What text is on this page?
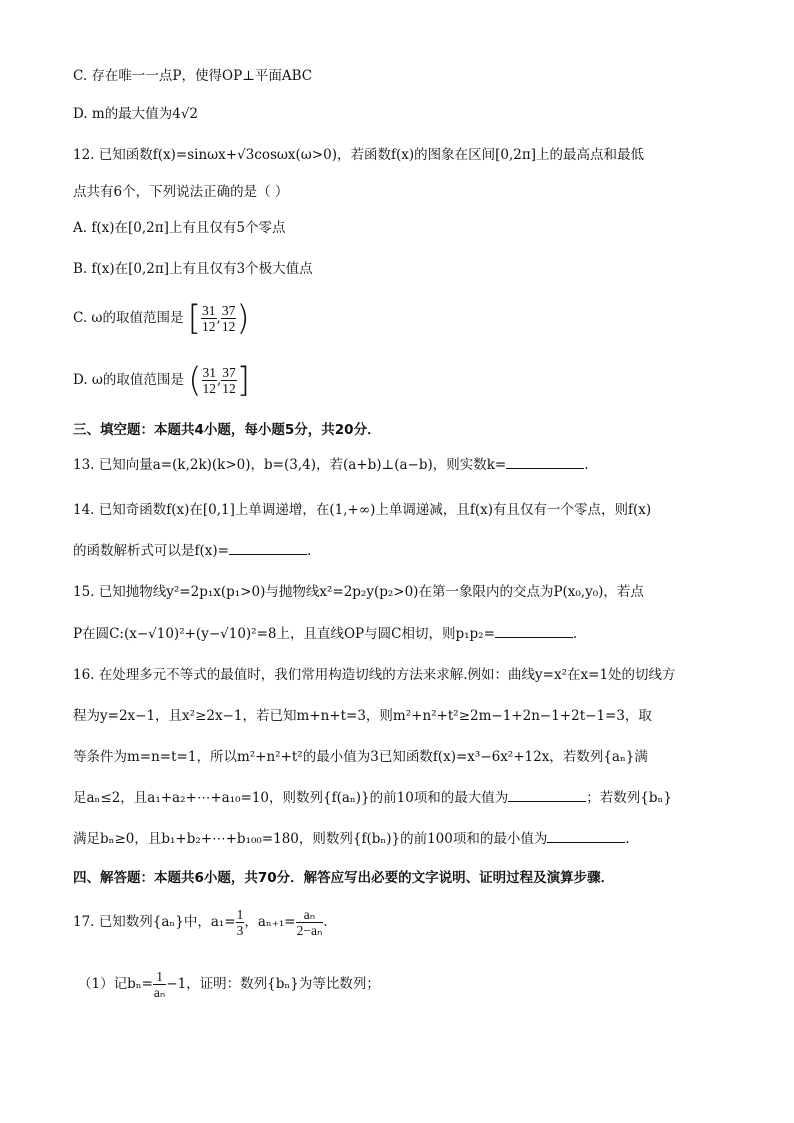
C. 存在唯一一点P，使得OP⊥平面ABC
D. m的最大值为4√2
12. 已知函数f(x)=sinωx+√3cosωx(ω>0)，若函数f(x)的图象在区间[0,2π]上的最高点和最低
点共有6个，下列说法正确的是（ ）
A. f(x)在[0,2π]上有且仅有5个零点
B. f(x)在[0,2π]上有且仅有3个极大值点
C. ω的取值范围是 [ $\frac{31}{12}$ , $\frac{37}{12}$ )
D. ω的取值范围是 ( $\frac{31}{12}$ , $\frac{37}{12}$ ]
三、填空题：本题共4小题，每小题5分，共20分．
13. 已知向量a=(k,2k)(k>0)，b=(3,4)，若(a+b)⊥(a−b)，则实数k=	.
14. 已知奇函数f(x)在[0,1]上单调递增，在(1,+∞)上单调递减，且f(x)有且仅有一个零点，则f(x)
的函数解析式可以是f(x)=	.
15. 已知抛物线y²=2p₁x(p₁>0)与抛物线x²=2p₂y(p₂>0)在第一象限内的交点为P(x₀,y₀)，若点
P在圆C:(x−√10)²+(y−√10)²=8上，且直线OP与圆C相切，则p₁p₂=	.
16. 在处理多元不等式的最值时，我们常用构造切线的方法来求解.例如：曲线y=x²在x=1处的切线方
程为y=2x−1，且x²≥2x−1，若已知m+n+t=3，则m²+n²+t²≥2m−1+2n−1+2t−1=3，取
等条件为m=n=t=1，所以m²+n²+t²的最小值为3已知函数f(x)=x³−6x²+12x，若数列{aₙ}满
足aₙ≤2，且a₁+a₂+⋯+a₁₀=10，则数列{f(aₙ)}的前10项和的最大值为	；若数列{bₙ}
满足bₙ≥0，且b₁+b₂+⋯+b₁₀₀=180，则数列{f(bₙ)}的前100项和的最小值为	.
四、解答题：本题共6小题，共70分．解答应写出必要的文字说明、证明过程及演算步骤．
17. 已知数列{aₙ}中，$a_1= \frac{1}{3}$ ，$a_{n+1}= \frac{\text{aₙ}}{\text{2−aₙ}}$ ．
（1）记$b_n= \frac{1}{\text{aₙ}} -1$，证明：数列{bₙ}为等比数列；
